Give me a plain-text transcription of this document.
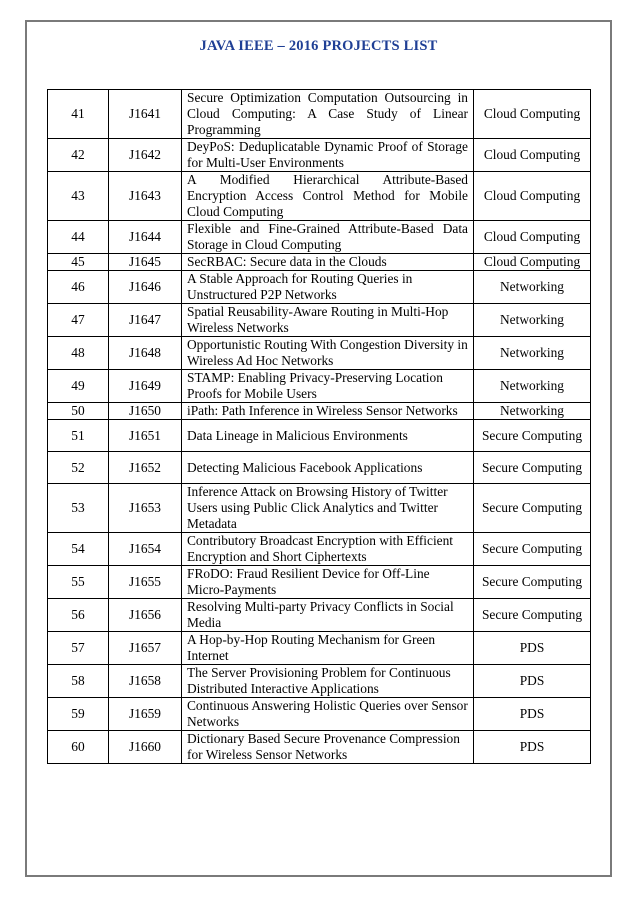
JAVA IEEE – 2016 PROJECTS LIST
41	J1641	Secure Optimization Computation Outsourcing in Cloud Computing: A Case Study of Linear Programming	Cloud Computing
42	J1642	DeyPoS: Deduplicatable Dynamic Proof of Storage for Multi-User Environments	Cloud Computing
43	J1643	A Modified Hierarchical Attribute-Based Encryption Access Control Method for Mobile Cloud Computing	Cloud Computing
44	J1644	Flexible and Fine-Grained Attribute-Based Data Storage in Cloud Computing	Cloud Computing
45	J1645	SecRBAC: Secure data in the Clouds	Cloud Computing
46	J1646	A Stable Approach for Routing Queries in Unstructured P2P Networks	Networking
47	J1647	Spatial Reusability-Aware Routing in Multi-Hop Wireless Networks	Networking
48	J1648	Opportunistic Routing With Congestion Diversity in Wireless Ad Hoc Networks	Networking
49	J1649	STAMP: Enabling Privacy-Preserving Location Proofs for Mobile Users	Networking
50	J1650	iPath: Path Inference in Wireless Sensor Networks	Networking
51	J1651	Data Lineage in Malicious Environments	Secure Computing
52	J1652	Detecting Malicious Facebook Applications	Secure Computing
53	J1653	Inference Attack on Browsing History of Twitter Users using Public Click Analytics and Twitter Metadata	Secure Computing
54	J1654	Contributory Broadcast Encryption with Efficient Encryption and Short Ciphertexts	Secure Computing
55	J1655	FRoDO: Fraud Resilient Device for Off-Line Micro-Payments	Secure Computing
56	J1656	Resolving Multi-party Privacy Conflicts in Social Media	Secure Computing
57	J1657	A Hop-by-Hop Routing Mechanism for Green Internet	PDS
58	J1658	The Server Provisioning Problem for Continuous Distributed Interactive Applications	PDS
59	J1659	Continuous Answering Holistic Queries over Sensor Networks	PDS
60	J1660	Dictionary Based Secure Provenance Compression for Wireless Sensor Networks	PDS
